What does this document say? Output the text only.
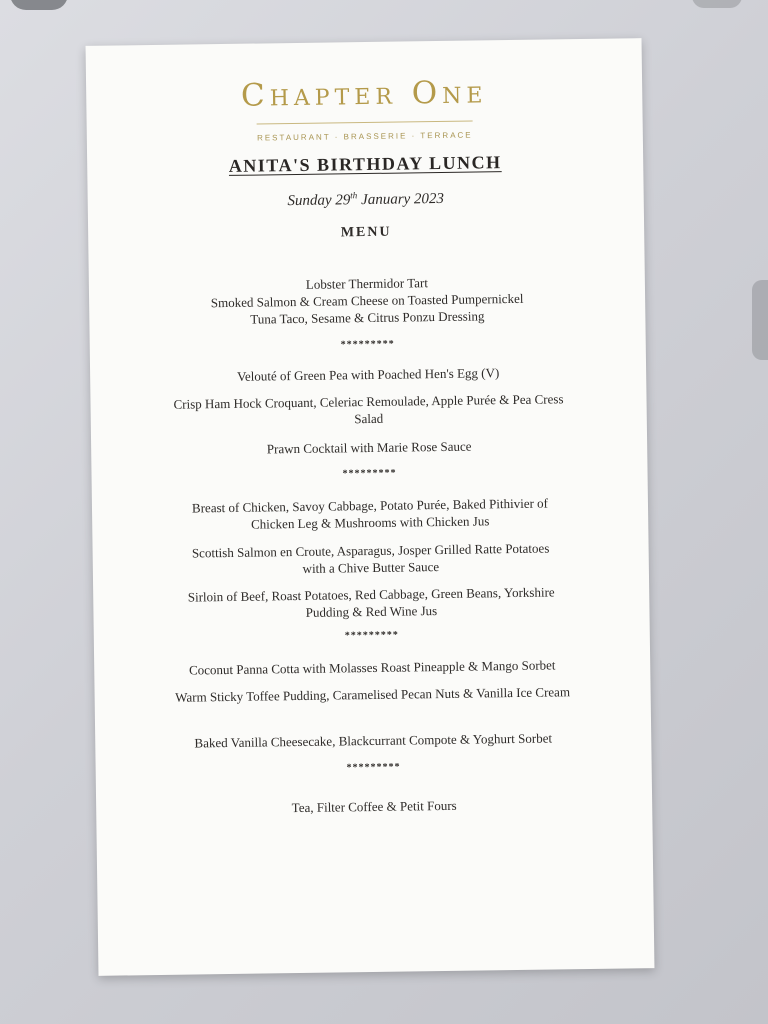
Chapter One
RESTAURANT · BRASSERIE · TERRACE
ANITA'S BIRTHDAY LUNCH
Sunday 29th January 2023
MENU
Lobster Thermidor Tart
Smoked Salmon & Cream Cheese on Toasted Pumpernickel
Tuna Taco, Sesame & Citrus Ponzu Dressing
*********
Velouté of Green Pea with Poached Hen's Egg (V)
Crisp Ham Hock Croquant, Celeriac Remoulade, Apple Purée & Pea Cress Salad
Prawn Cocktail with Marie Rose Sauce
*********
Breast of Chicken, Savoy Cabbage, Potato Purée, Baked Pithivier of Chicken Leg & Mushrooms with Chicken Jus
Scottish Salmon en Croute, Asparagus, Josper Grilled Ratte Potatoes with a Chive Butter Sauce
Sirloin of Beef, Roast Potatoes, Red Cabbage, Green Beans, Yorkshire Pudding & Red Wine Jus
*********
Coconut Panna Cotta with Molasses Roast Pineapple & Mango Sorbet
Warm Sticky Toffee Pudding, Caramelised Pecan Nuts & Vanilla Ice Cream
Baked Vanilla Cheesecake, Blackcurrant Compote & Yoghurt Sorbet
*********
Tea, Filter Coffee & Petit Fours
